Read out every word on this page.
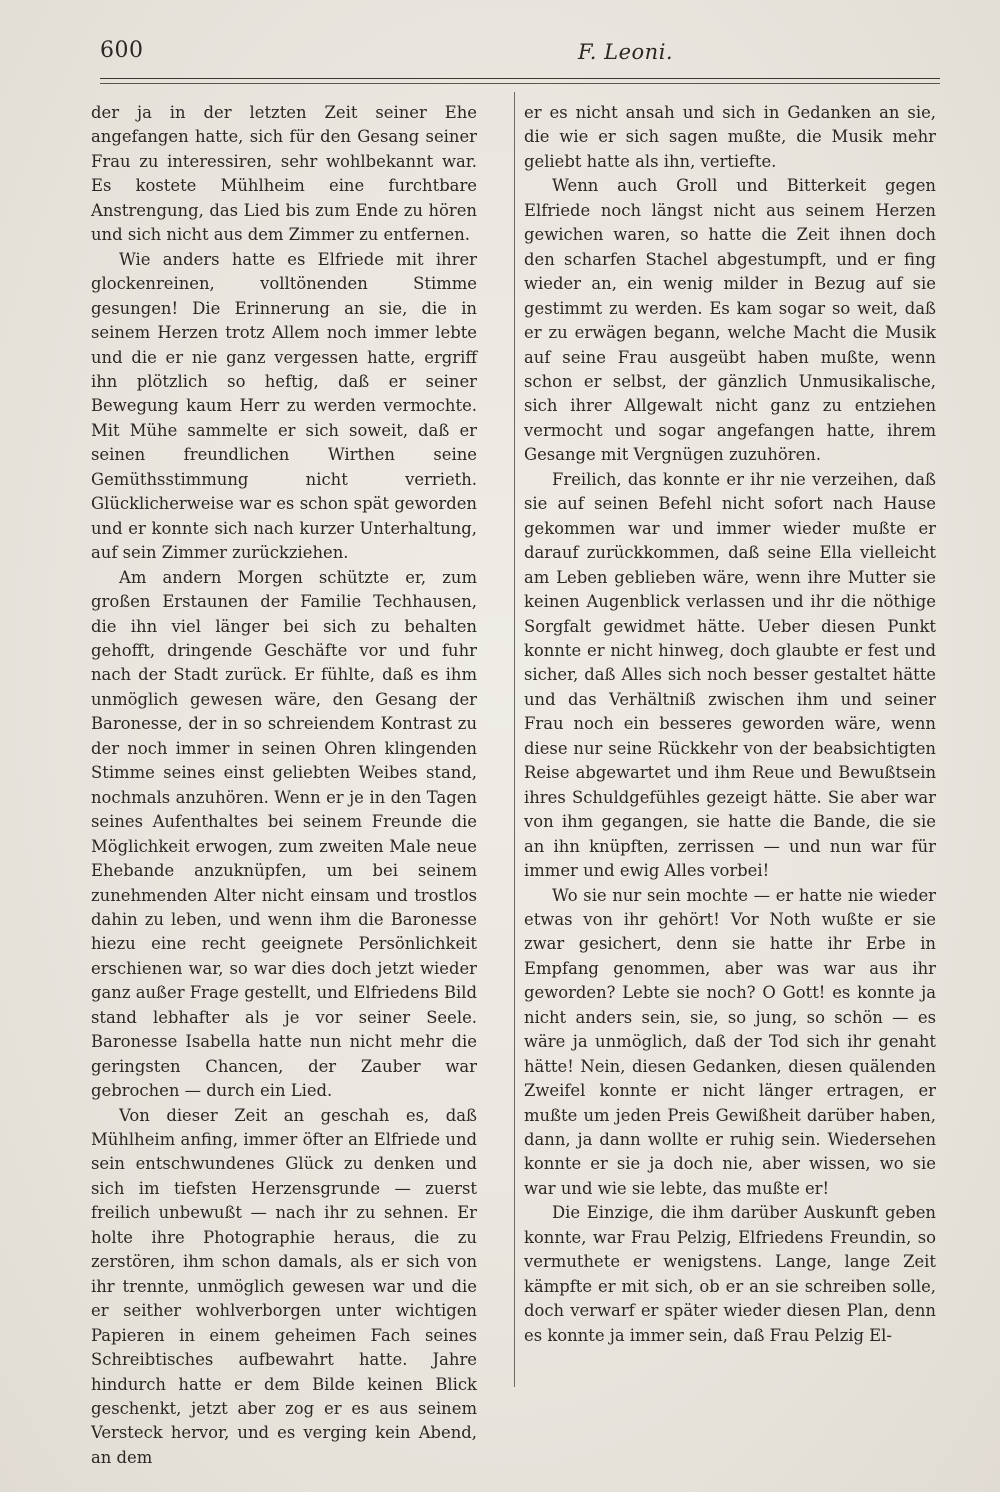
600	F. Leoni.

der ja in der letzten Zeit seiner Ehe angefangen hatte, sich für den Gesang seiner Frau zu interessiren, sehr wohlbekannt war. Es kostete Mühlheim eine furchtbare Anstrengung, das Lied bis zum Ende zu hören und sich nicht aus dem Zimmer zu entfernen.

Wie anders hatte es Elfriede mit ihrer glockenreinen, volltönenden Stimme gesungen! Die Erinnerung an sie, die in seinem Herzen trotz Allem noch immer lebte und die er nie ganz vergessen hatte, ergriff ihn plötzlich so heftig, daß er seiner Bewegung kaum Herr zu werden vermochte. Mit Mühe sammelte er sich soweit, daß er seinen freundlichen Wirthen seine Gemüthsstimmung nicht verrieth. Glücklicherweise war es schon spät geworden und er konnte sich nach kurzer Unterhaltung, auf sein Zimmer zurückziehen.

Am andern Morgen schützte er, zum großen Erstaunen der Familie Techhausen, die ihn viel länger bei sich zu behalten gehofft, dringende Geschäfte vor und fuhr nach der Stadt zurück. Er fühlte, daß es ihm unmöglich gewesen wäre, den Gesang der Baronesse, der in so schreiendem Kontrast zu der noch immer in seinen Ohren klingenden Stimme seines einst geliebten Weibes stand, nochmals anzuhören. Wenn er je in den Tagen seines Aufenthaltes bei seinem Freunde die Möglichkeit erwogen, zum zweiten Male neue Ehebande anzuknüpfen, um bei seinem zunehmenden Alter nicht einsam und trostlos dahin zu leben, und wenn ihm die Baronesse hiezu eine recht geeignete Persönlichkeit erschienen war, so war dies doch jetzt wieder ganz außer Frage gestellt, und Elfriedens Bild stand lebhafter als je vor seiner Seele. Baronesse Isabella hatte nun nicht mehr die geringsten Chancen, der Zauber war gebrochen — durch ein Lied.

Von dieser Zeit an geschah es, daß Mühlheim anfing, immer öfter an Elfriede und sein entschwundenes Glück zu denken und sich im tiefsten Herzensgrunde — zuerst freilich unbewußt — nach ihr zu sehnen. Er holte ihre Photographie heraus, die zu zerstören, ihm schon damals, als er sich von ihr trennte, unmöglich gewesen war und die er seither wohlverborgen unter wichtigen Papieren in einem geheimen Fach seines Schreibtisches aufbewahrt hatte. Jahre hindurch hatte er dem Bilde keinen Blick geschenkt, jetzt aber zog er es aus seinem Versteck hervor, und es verging kein Abend, an dem

er es nicht ansah und sich in Gedanken an sie, die wie er sich sagen mußte, die Musik mehr geliebt hatte als ihn, vertiefte.

Wenn auch Groll und Bitterkeit gegen Elfriede noch längst nicht aus seinem Herzen gewichen waren, so hatte die Zeit ihnen doch den scharfen Stachel abgestumpft, und er fing wieder an, ein wenig milder in Bezug auf sie gestimmt zu werden. Es kam sogar so weit, daß er zu erwägen begann, welche Macht die Musik auf seine Frau ausgeübt haben mußte, wenn schon er selbst, der gänzlich Unmusikalische, sich ihrer Allgewalt nicht ganz zu entziehen vermocht und sogar angefangen hatte, ihrem Gesange mit Vergnügen zuzuhören.

Freilich, das konnte er ihr nie verzeihen, daß sie auf seinen Befehl nicht sofort nach Hause gekommen war und immer wieder mußte er darauf zurückkommen, daß seine Ella vielleicht am Leben geblieben wäre, wenn ihre Mutter sie keinen Augenblick verlassen und ihr die nöthige Sorgfalt gewidmet hätte. Ueber diesen Punkt konnte er nicht hinweg, doch glaubte er fest und sicher, daß Alles sich noch besser gestaltet hätte und das Verhältniß zwischen ihm und seiner Frau noch ein besseres geworden wäre, wenn diese nur seine Rückkehr von der beabsichtigten Reise abgewartet und ihm Reue und Bewußtsein ihres Schuldgefühles gezeigt hätte. Sie aber war von ihm gegangen, sie hatte die Bande, die sie an ihn knüpften, zerrissen — und nun war für immer und ewig Alles vorbei!

Wo sie nur sein mochte — er hatte nie wieder etwas von ihr gehört! Vor Noth wußte er sie zwar gesichert, denn sie hatte ihr Erbe in Empfang genommen, aber was war aus ihr geworden? Lebte sie noch? O Gott! es konnte ja nicht anders sein, sie, so jung, so schön — es wäre ja unmöglich, daß der Tod sich ihr genaht hätte! Nein, diesen Gedanken, diesen quälenden Zweifel konnte er nicht länger ertragen, er mußte um jeden Preis Gewißheit darüber haben, dann, ja dann wollte er ruhig sein. Wiedersehen konnte er sie ja doch nie, aber wissen, wo sie war und wie sie lebte, das mußte er!

Die Einzige, die ihm darüber Auskunft geben konnte, war Frau Pelzig, Elfriedens Freundin, so vermuthete er wenigstens. Lange, lange Zeit kämpfte er mit sich, ob er an sie schreiben solle, doch verwarf er später wieder diesen Plan, denn es konnte ja immer sein, daß Frau Pelzig El-
